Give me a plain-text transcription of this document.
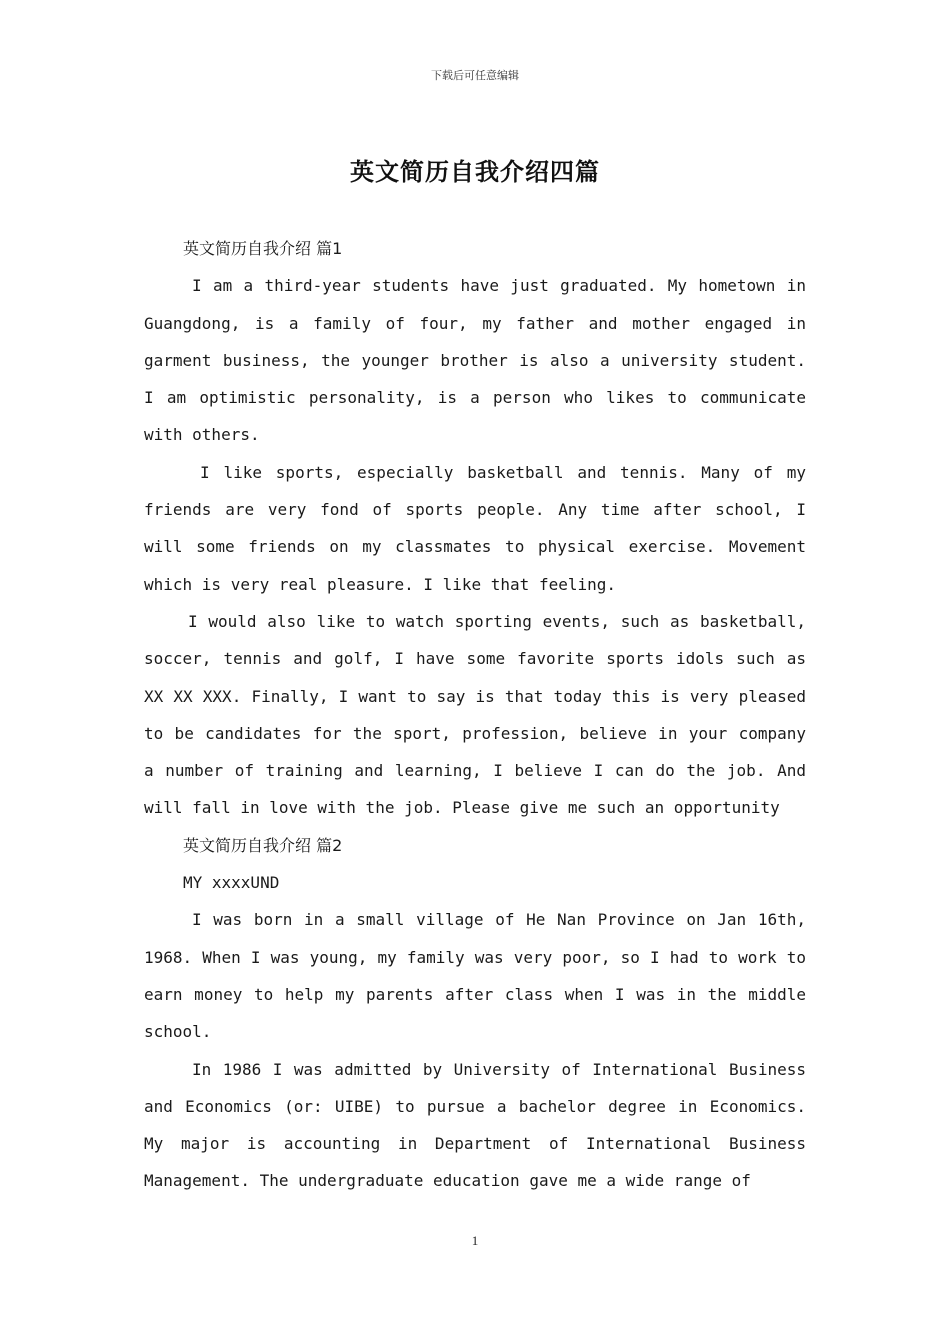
下载后可任意编辑
英文简历自我介绍四篇

英文简历自我介绍 篇1

I am a third-year students have just graduated. My hometown in Guangdong, is a family of four, my father and mother engaged in garment business, the younger brother is also a university student. I am optimistic personality, is a person who likes to communicate with others.

I like sports, especially basketball and tennis. Many of my friends are very fond of sports people. Any time after school, I will some friends on my classmates to physical exercise. Movement which is very real pleasure. I like that feeling.

I would also like to watch sporting events, such as basketball, soccer, tennis and golf, I have some favorite sports idols such as XX XX XXX. Finally, I want to say is that today this is very pleased to be candidates for the sport, profession, believe in your company a number of training and learning, I believe I can do the job. And will fall in love with the job. Please give me such an opportunity

英文简历自我介绍 篇2

MY xxxxUND

I was born in a small village of He Nan Province on Jan 16th, 1968. When I was young, my family was very poor, so I had to work to earn money to help my parents after class when I was in the middle school.

In 1986 I was admitted by University of International Business and Economics (or: UIBE) to pursue a bachelor degree in Economics. My major is accounting in Department of International Business Management. The undergraduate education gave me a wide range of

1
